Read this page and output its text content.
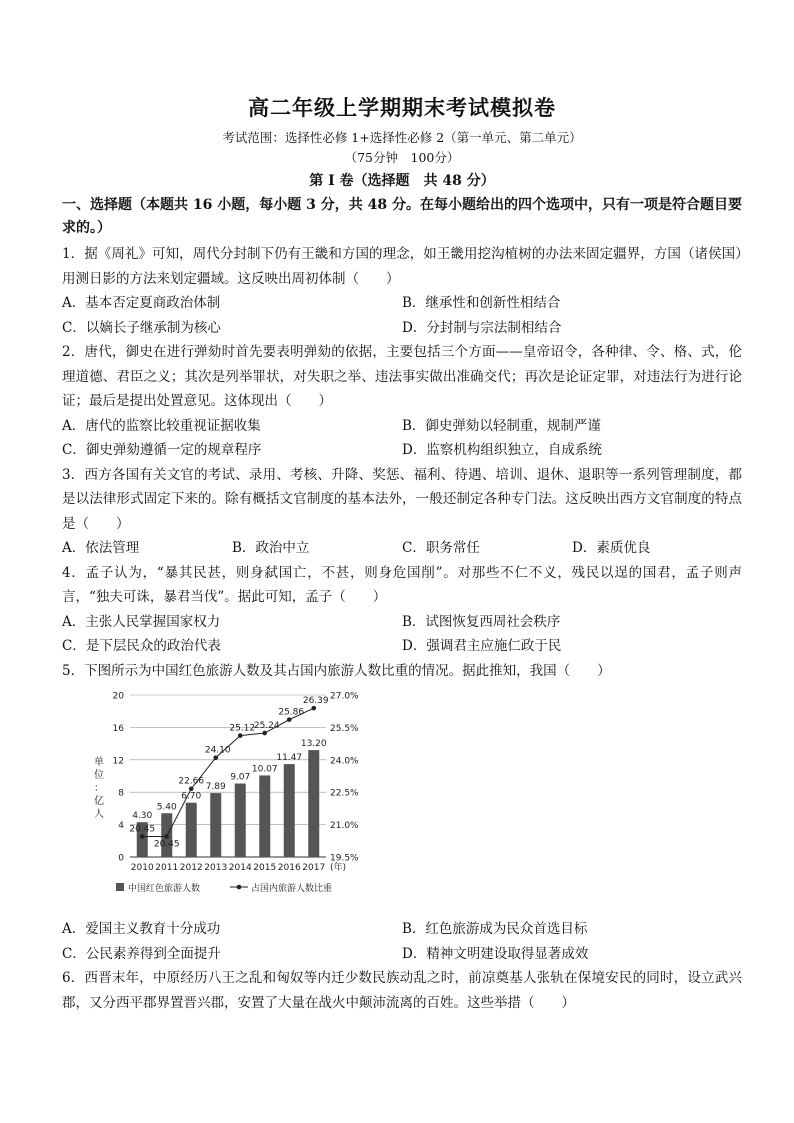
高二年级上学期期末考试模拟卷
考试范围：选择性必修 1+选择性必修 2（第一单元、第二单元）
（75分钟　100分）
第 I 卷（选择题　共 48 分）
一、选择题（本题共 16 小题，每小题 3 分，共 48 分。在每小题给出的四个选项中，只有一项是符合题目要求的。）

1．据《周礼》可知，周代分封制下仍有王畿和方国的理念，如王畿用挖沟植树的办法来固定疆界，方国（诸侯国）用测日影的方法来划定疆域。这反映出周初体制（　　）

A．基本否定夏商政治体制	B．继承性和创新性相结合
C．以嫡长子继承制为核心	D．分封制与宗法制相结合

2．唐代，御史在进行弹劾时首先要表明弹劾的依据，主要包括三个方面——皇帝诏令，各种律、令、格、式，伦理道德、君臣之义；其次是列举罪状，对失职之举、违法事实做出准确交代；再次是论证定罪，对违法行为进行论证；最后是提出处置意见。这体现出（　　）

A．唐代的监察比较重视证据收集	B．御史弹劾以轻制重，规制严谨
C．御史弹劾遵循一定的规章程序	D．监察机构组织独立，自成系统

3．西方各国有关文官的考试、录用、考核、升降、奖惩、福利、待遇、培训、退休、退职等一系列管理制度，都是以法律形式固定下来的。除有概括文官制度的基本法外，一般还制定各种专门法。这反映出西方文官制度的特点是（　　）

A．依法管理	B．政治中立	C．职务常任	D．素质优良

4．孟子认为，“暴其民甚，则身弑国亡，不甚，则身危国削”。对那些不仁不义，残民以逞的国君，孟子则声言，“独夫可诛，暴君当伐”。据此可知，孟子（　　）

A．主张人民掌握国家权力	B．试图恢复西周社会秩序
C．是下层民众的政治代表	D．强调君主应施仁政于民

5．下图所示为中国红色旅游人数及其占国内旅游人数比重的情况。据此推知，我国（　　）

0
4
8
12
16
20
19.5%
21.0%
22.5%
24.0%
25.5%
27.0%
单
位
：
亿
人	4.30
5.40
6.70
7.89
9.07
10.07
11.47
13.20
20.45
20.45
22.66
24.10
25.12
25.24
25.86
26.39
2010 2011 2012 2013 2014 2015 2016 2017 (年)
中国红色旅游人数	占国内旅游人数比重
A．爱国主义教育十分成功	B．红色旅游成为民众首选目标
C．公民素养得到全面提升	D．精神文明建设取得显著成效

6．西晋末年，中原经历八王之乱和匈奴等内迁少数民族动乱之时，前凉奠基人张轨在保境安民的同时，设立武兴郡，又分西平郡界置晋兴郡，安置了大量在战火中颠沛流离的百姓。这些举措（　　）
